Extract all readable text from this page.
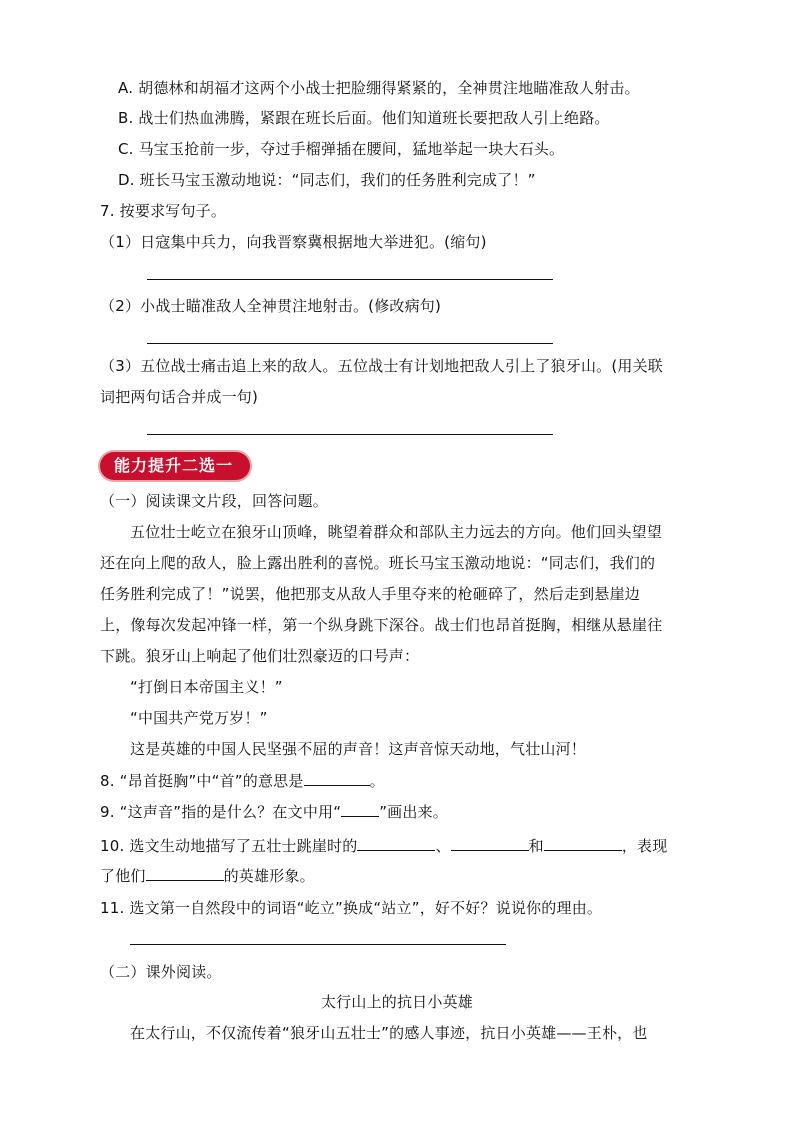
A. 胡德林和胡福才这两个小战士把脸绷得紧紧的，全神贯注地瞄准敌人射击。
B. 战士们热血沸腾，紧跟在班长后面。他们知道班长要把敌人引上绝路。
C. 马宝玉抢前一步，夺过手榴弹插在腰间，猛地举起一块大石头。
D. 班长马宝玉激动地说：“同志们，我们的任务胜利完成了！”
7. 按要求写句子。
（1）日寇集中兵力，向我晋察冀根据地大举进犯。(缩句)
（2）小战士瞄准敌人全神贯注地射击。(修改病句)
（3）五位战士痛击追上来的敌人。五位战士有计划地把敌人引上了狼牙山。(用关联
词把两句话合并成一句)
能力提升二选一
（一）阅读课文片段，回答问题。
五位壮士屹立在狼牙山顶峰，眺望着群众和部队主力远去的方向。他们回头望望
还在向上爬的敌人，脸上露出胜利的喜悦。班长马宝玉激动地说：“同志们，我们的
任务胜利完成了！”说罢，他把那支从敌人手里夺来的枪砸碎了，然后走到悬崖边
上，像每次发起冲锋一样，第一个纵身跳下深谷。战士们也昂首挺胸，相继从悬崖往
下跳。狼牙山上响起了他们壮烈豪迈的口号声：
“打倒日本帝国主义！”
“中国共产党万岁！”
这是英雄的中国人民坚强不屈的声音！这声音惊天动地，气壮山河！
8. “昂首挺胸”中“首”的意思是	。
9. “这声音”指的是什么？在文中用“	”画出来。
10. 选文生动地描写了五壮士跳崖时的	、	和	，表现
了他们	的英雄形象。
11. 选文第一自然段中的词语“屹立”换成“站立”，好不好？说说你的理由。
（二）课外阅读。
太行山上的抗日小英雄
在太行山，不仅流传着“狼牙山五壮士”的感人事迹，抗日小英雄——王朴，也
